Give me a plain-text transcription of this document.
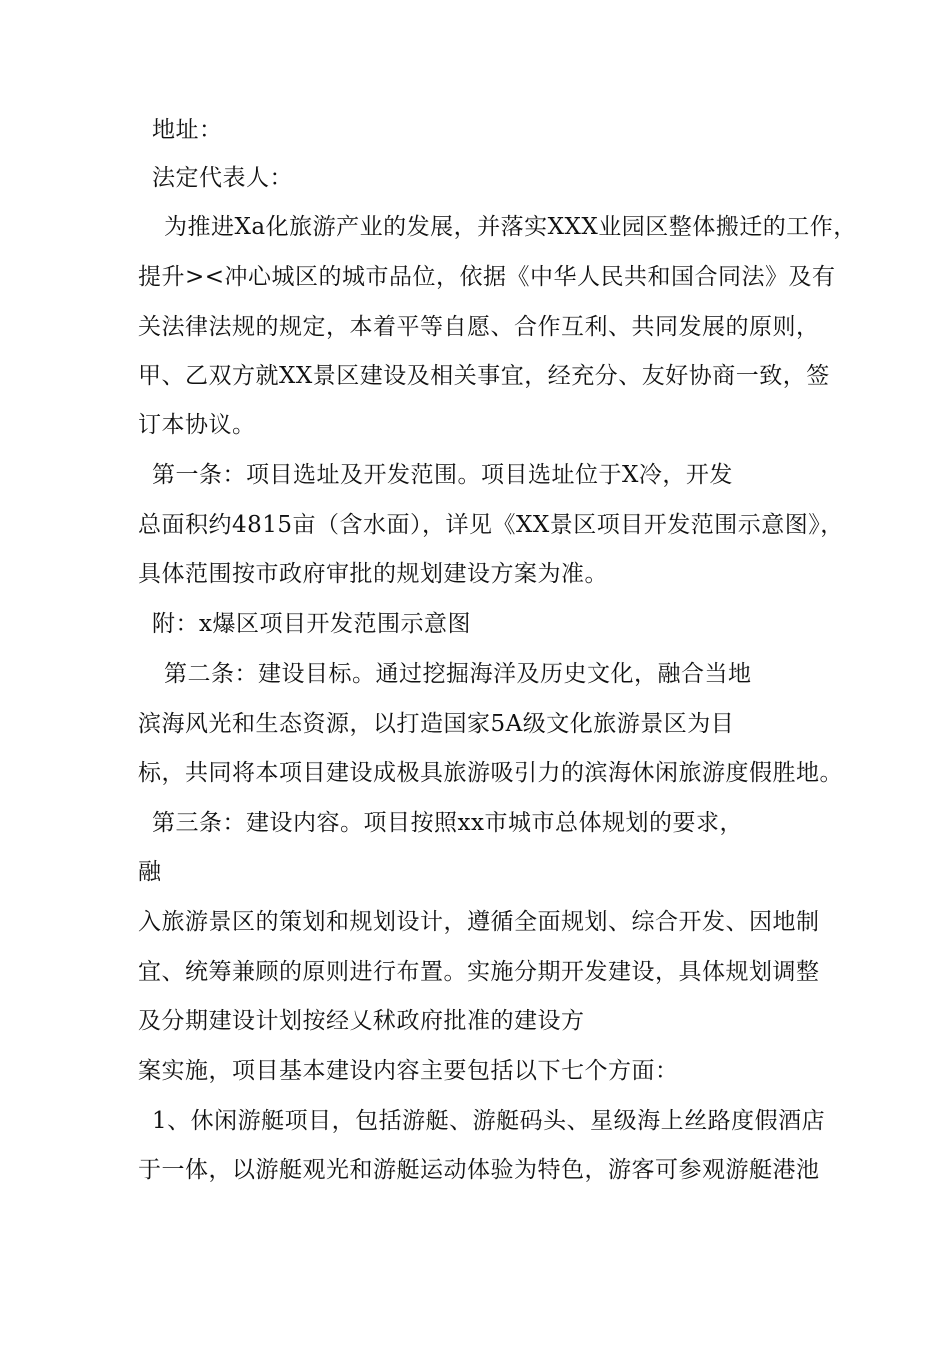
地址：
法定代表人：
为推进Xa化旅游产业的发展，并落实XXX业园区整体搬迁的工作，
提升><冲心城区的城市品位，依据《中华人民共和国合同法》及有
关法律法规的规定，本着平等自愿、合作互利、共同发展的原则，
甲、乙双方就XX景区建设及相关事宜，经充分、友好协商一致，签
订本协议。
第一条：项目选址及开发范围。项目选址位于X冷，开发
总面积约4815亩（含水面），详见《XX景区项目开发范围示意图》，
具体范围按市政府审批的规划建设方案为准。
附：x爆区项目开发范围示意图
第二条：建设目标。通过挖掘海洋及历史文化，融合当地
滨海风光和生态资源，以打造国家5A级文化旅游景区为目
标，共同将本项目建设成极具旅游吸引力的滨海休闲旅游度假胜地。
第三条：建设内容。项目按照xx市城市总体规划的要求，
融
入旅游景区的策划和规划设计，遵循全面规划、综合开发、因地制
宜、统筹兼顾的原则进行布置。实施分期开发建设，具体规划调整
及分期建设计划按经乂秫政府批准的建设方
案实施，项目基本建设内容主要包括以下七个方面：
1、休闲游艇项目，包括游艇、游艇码头、星级海上丝路度假酒店
于一体，以游艇观光和游艇运动体验为特色，游客可参观游艇港池
